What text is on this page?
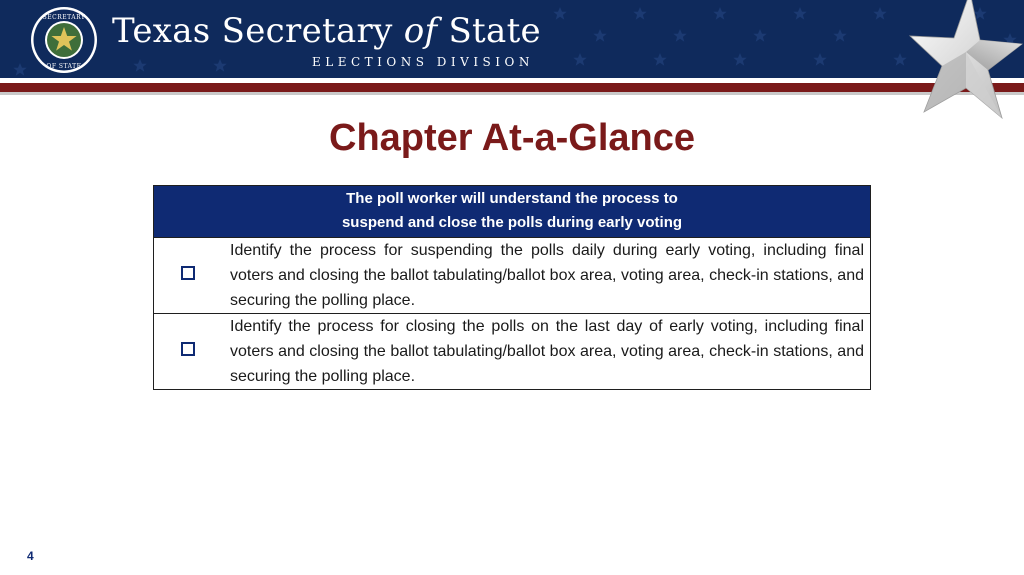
SECRETARY
OF STATE
Texas Secretary of State
ELECTIONS DIVISION
Chapter At-a-Glance
The poll worker will understand the process to
suspend and close the polls during early voting	
	Identify the process for suspending the polls daily during early voting, including final voters and closing the ballot tabulating/ballot box area, voting area, check-in stations, and securing the polling place.
	Identify the process for closing the polls on the last day of early voting, including final voters and closing the ballot tabulating/ballot box area, voting area, check-in stations, and securing the polling place.
4
